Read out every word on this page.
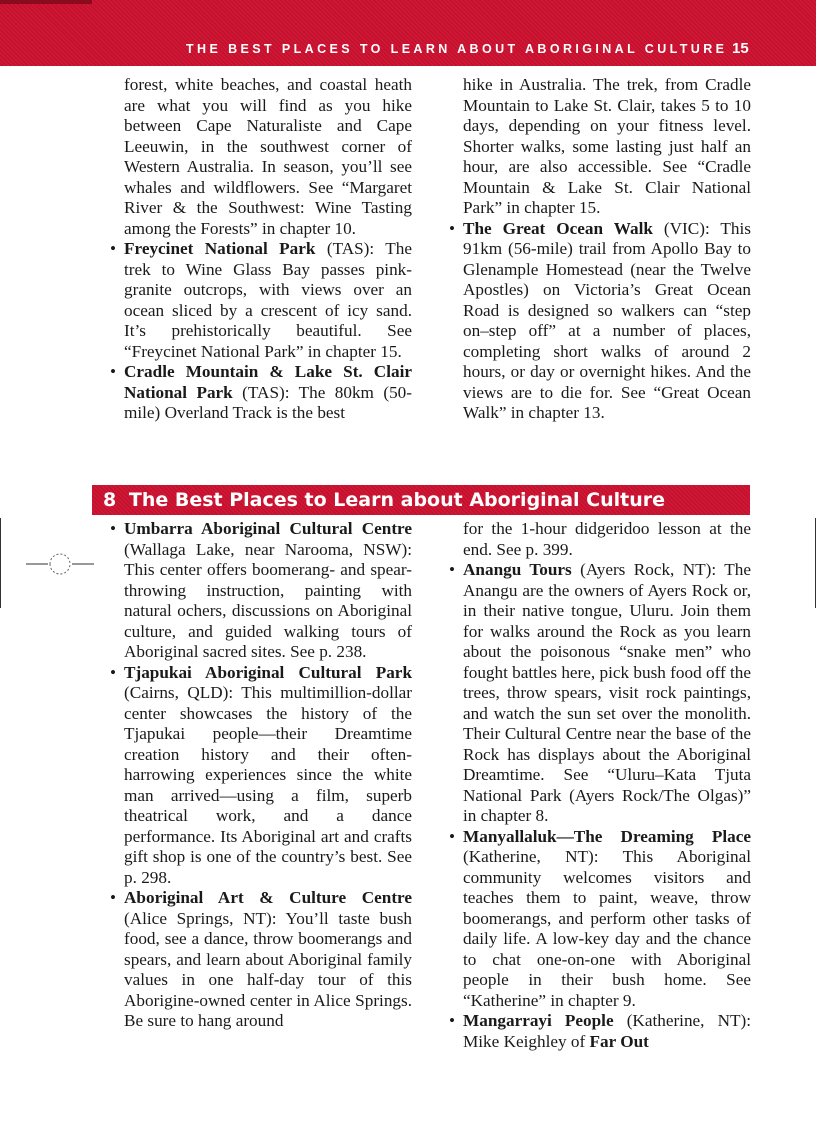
THE BEST PLACES TO LEARN ABOUT ABORIGINAL CULTURE 15

forest, white beaches, and coastal heath are what you will find as you hike between Cape Naturaliste and Cape Leeuwin, in the southwest corner of Western Australia. In season, you’ll see whales and wildflowers. See “Margaret River & the Southwest: Wine Tasting among the Forests” in chapter 10.

• Freycinet National Park (TAS): The trek to Wine Glass Bay passes pink-granite outcrops, with views over an ocean sliced by a crescent of icy sand. It’s prehistorically beautiful. See “Freycinet National Park” in chapter 15.
• Cradle Mountain & Lake St. Clair National Park (TAS): The 80km (50-mile) Overland Track is the best

hike in Australia. The trek, from Cradle Mountain to Lake St. Clair, takes 5 to 10 days, depending on your fitness level. Shorter walks, some lasting just half an hour, are also accessible. See “Cradle Mountain & Lake St. Clair National Park” in chapter 15.

• The Great Ocean Walk (VIC): This 91km (56-mile) trail from Apollo Bay to Glenample Homestead (near the Twelve Apostles) on Victoria’s Great Ocean Road is designed so walkers can “step on–step off” at a number of places, completing short walks of around 2 hours, or day or overnight hikes. And the views are to die for. See “Great Ocean Walk” in chapter 13.
8 The Best Places to Learn about Aboriginal Culture
• Umbarra Aboriginal Cultural Centre (Wallaga Lake, near Narooma, NSW): This center offers boomerang- and spear-throwing instruction, painting with natural ochers, discussions on Aboriginal culture, and guided walking tours of Aboriginal sacred sites. See p. 238.
• Tjapukai Aboriginal Cultural Park (Cairns, QLD): This multimillion-dollar center showcases the history of the Tjapukai people—their Dreamtime creation history and their often-harrowing experiences since the white man arrived—using a film, superb theatrical work, and a dance performance. Its Aboriginal art and crafts gift shop is one of the country’s best. See p. 298.
• Aboriginal Art & Culture Centre (Alice Springs, NT): You’ll taste bush food, see a dance, throw boomerangs and spears, and learn about Aboriginal family values in one half-day tour of this Aborigine-owned center in Alice Springs. Be sure to hang around

for the 1-hour didgeridoo lesson at the end. See p. 399.

• Anangu Tours (Ayers Rock, NT): The Anangu are the owners of Ayers Rock or, in their native tongue, Uluru. Join them for walks around the Rock as you learn about the poisonous “snake men” who fought battles here, pick bush food off the trees, throw spears, visit rock paintings, and watch the sun set over the monolith. Their Cultural Centre near the base of the Rock has displays about the Aboriginal Dreamtime. See “Uluru–Kata Tjuta National Park (Ayers Rock/The Olgas)” in chapter 8.
• Manyallaluk—The Dreaming Place (Katherine, NT): This Aboriginal community welcomes visitors and teaches them to paint, weave, throw boomerangs, and perform other tasks of daily life. A low-key day and the chance to chat one-on-one with Aboriginal people in their bush home. See “Katherine” in chapter 9.
• Mangarrayi People (Katherine, NT): Mike Keighley of Far Out
